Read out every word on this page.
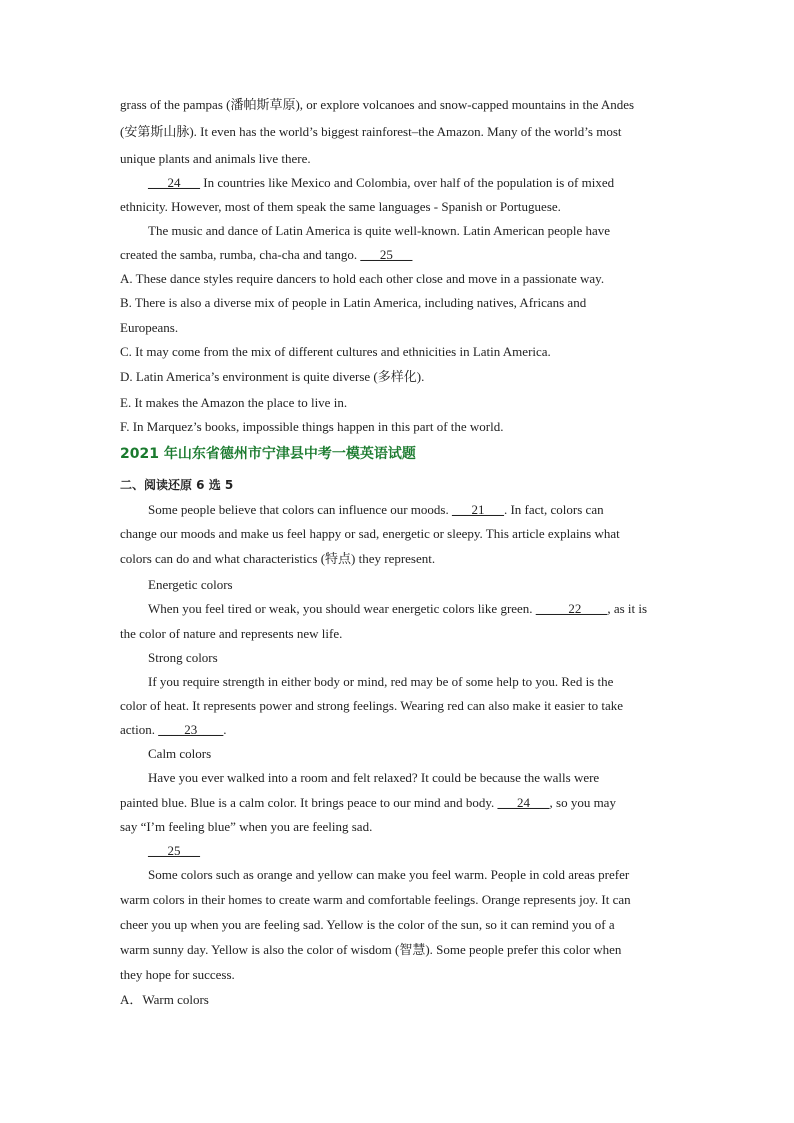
grass of the pampas (潘帕斯草原), or explore volcanoes and snow-capped mountains in the Andes
(安第斯山脉). It even has the world’s biggest rainforest–the Amazon. Many of the world’s most
unique plants and animals live there.
___24___ In countries like Mexico and Colombia, over half of the population is of mixed
ethnicity. However, most of them speak the same languages - Spanish or Portuguese.
The music and dance of Latin America is quite well-known. Latin American people have
created the samba, rumba, cha-cha and tango. ___25___
A. These dance styles require dancers to hold each other close and move in a passionate way.
B. There is also a diverse mix of people in Latin America, including natives, Africans and
Europeans.
C. It may come from the mix of different cultures and ethnicities in Latin America.
D. Latin America’s environment is quite diverse (多样化).
E. It makes the Amazon the place to live in.
F. In Marquez’s books, impossible things happen in this part of the world.
2021 年山东省德州市宁津县中考一模英语试题
二、阅读还原 6 选 5
Some people believe that colors can influence our moods. ___21___. In fact, colors can
change our moods and make us feel happy or sad, energetic or sleepy. This article explains what
colors can do and what characteristics (特点) they represent.
Energetic colors
When you feel tired or weak, you should wear energetic colors like green. _____22____, as it is
the color of nature and represents new life.
Strong colors
If you require strength in either body or mind, red may be of some help to you. Red is the
color of heat. It represents power and strong feelings. Wearing red can also make it easier to take
action. ____23____.
Calm colors
Have you ever walked into a room and felt relaxed? It could be because the walls were
painted blue. Blue is a calm color. It brings peace to our mind and body. ___24___, so you may
say “I’m feeling blue” when you are feeling sad.
___25___
Some colors such as orange and yellow can make you feel warm. People in cold areas prefer
warm colors in their homes to create warm and comfortable feelings. Orange represents joy. It can
cheer you up when you are feeling sad. Yellow is the color of the sun, so it can remind you of a
warm sunny day. Yellow is also the color of wisdom (智慧). Some people prefer this color when
they hope for success.
A．Warm colors
